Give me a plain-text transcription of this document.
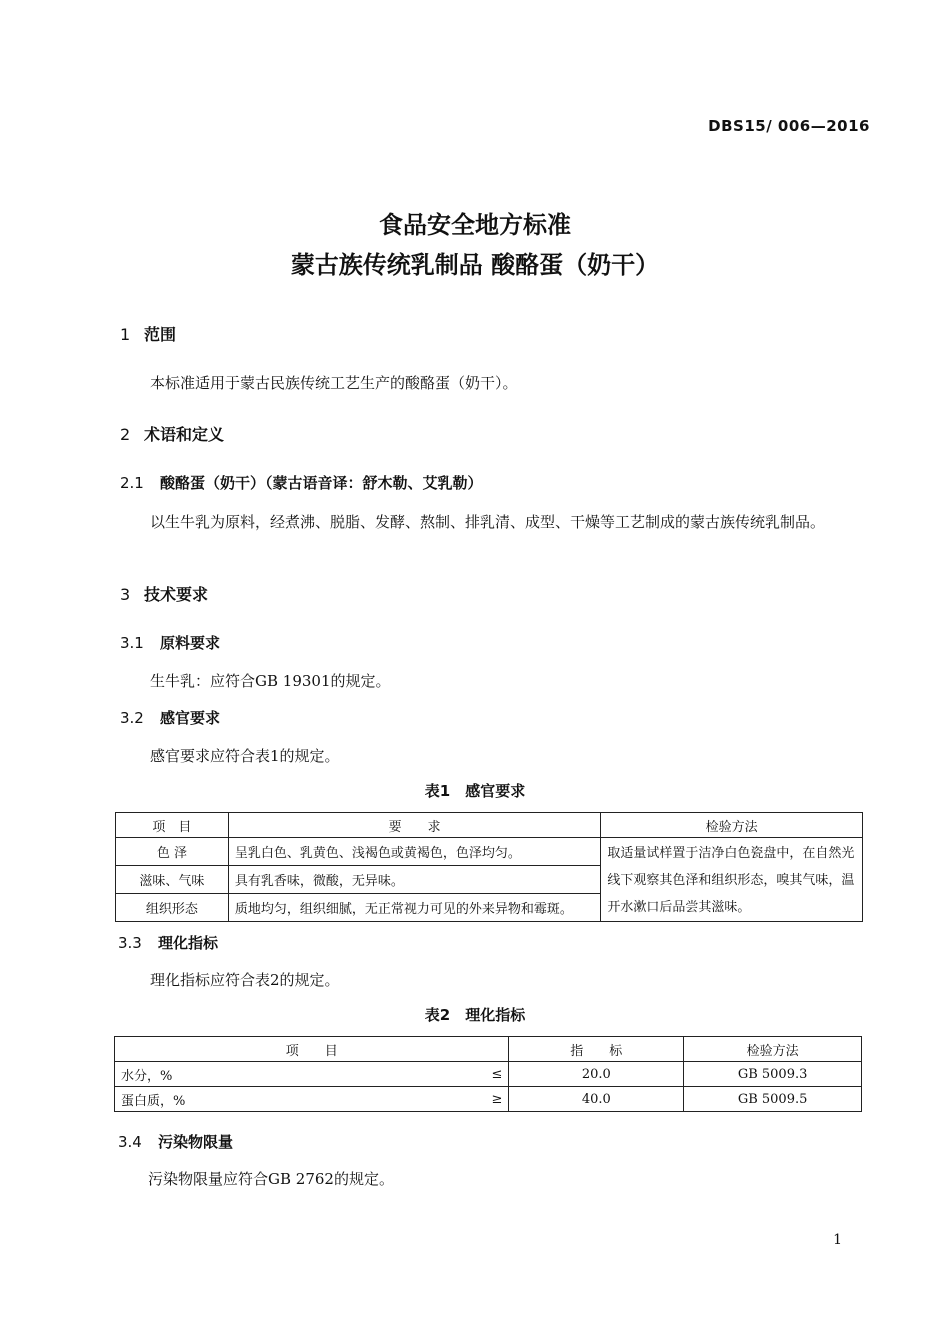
DBS15/ 006—2016
食品安全地方标准
蒙古族传统乳制品 酸酪蛋（奶干）
1 范围
本标准适用于蒙古民族传统工艺生产的酸酪蛋（奶干）。
2 术语和定义
2.1 酸酪蛋（奶干）（蒙古语音译：舒木勒、艾乳勒）
以生牛乳为原料，经煮沸、脱脂、发酵、熬制、排乳清、成型、干燥等工艺制成的蒙古族传统乳制品。
3 技术要求
3.1 原料要求
生牛乳：应符合GB 19301的规定。
3.2 感官要求
感官要求应符合表1的规定。
表1　感官要求
项　目	要　　求	检验方法
色 泽	呈乳白色、乳黄色、浅褐色或黄褐色，色泽均匀。	取适量试样置于洁净白色瓷盘中，在自然光线下观察其色泽和组织形态，嗅其气味，温开水漱口后品尝其滋味。
滋味、气味	具有乳香味，微酸，无异味。	
组织形态	质地均匀，组织细腻，无正常视力可见的外来异物和霉斑。	
3.3 理化指标
理化指标应符合表2的规定。
表2　理化指标
项　　目		指　　标	检验方法
水分，%	≤	20.0	GB 5009.3
蛋白质，%	≥	40.0	GB 5009.5
3.4 污染物限量
污染物限量应符合GB 2762的规定。
1
